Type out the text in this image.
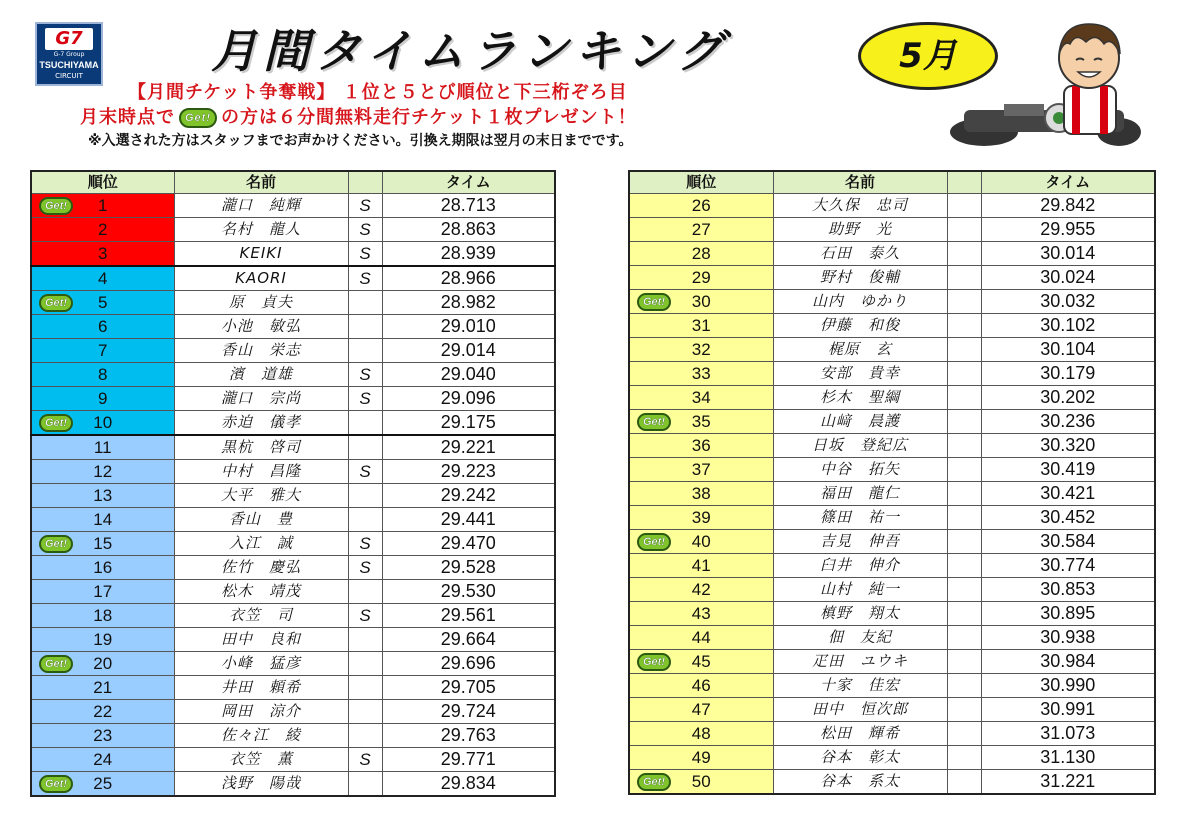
G7
G-7 Group
TSUCHIYAMA
CIRCUIT	月間タイムランキング	5月
【月間チケット争奪戦】 １位と５とび順位と下三桁ぞろ目
月末時点で Get! の方は６分間無料走行チケット１枚プレゼント！
※入選された方はスタッフまでお声かけください。引換え期限は翌月の末日までです。
順位	名前		タイム

Get! 1	瀧口　純輝	S	28.713
2	名村　龍人	S	28.863
3	KEIKI	S	28.939
4	KAORI	S	28.966

Get! 5	原　貞夫		28.982
6	小池　敏弘		29.010
7	香山　栄志		29.014
8	濱　道雄	S	29.040
9	瀧口　宗尚	S	29.096

Get! 10	赤迫　儀孝		29.175
11	黒杭　啓司		29.221
12	中村　昌隆	S	29.223
13	大平　雅大		29.242
14	香山　豊		29.441

Get! 15	入江　誠	S	29.470
16	佐竹　慶弘	S	29.528
17	松木　靖茂		29.530
18	衣笠　司	S	29.561
19	田中　良和		29.664

Get! 20	小峰　猛彦		29.696
21	井田　頼希		29.705
22	岡田　涼介		29.724
23	佐々江　綾		29.763
24	衣笠　薫	S	29.771

Get! 25	浅野　陽哉		29.834
順位	名前		タイム
26	大久保　忠司		29.842
27	助野　光		29.955
28	石田　泰久		30.014
29	野村　俊輔		30.024

Get! 30	山内　ゆかり		30.032
31	伊藤　和俊		30.102
32	梶原　玄		30.104
33	安部　貴幸		30.179
34	杉木　聖綱		30.202

Get! 35	山﨑　晨護		30.236
36	日坂　登紀広		30.320
37	中谷　拓矢		30.419
38	福田　龍仁		30.421
39	篠田　祐一		30.452

Get! 40	吉見　伸吾		30.584
41	臼井　伸介		30.774
42	山村　純一		30.853
43	槙野　翔太		30.895
44	佃　友紀		30.938

Get! 45	疋田　ユウキ		30.984
46	十家　佳宏		30.990
47	田中　恒次郎		30.991
48	松田　輝希		31.073
49	谷本　彰太		31.130

Get! 50	谷本　系太		31.221
